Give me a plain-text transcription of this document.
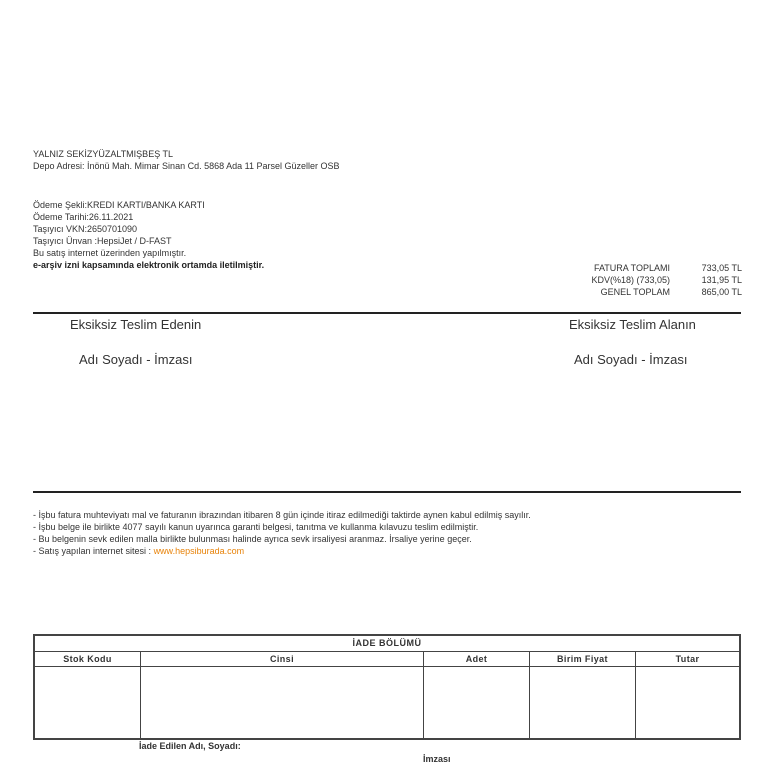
YALNIZ SEKİZYÜZALTMIŞBEŞ TL
Depo Adresi: İnönü Mah. Mimar Sinan Cd. 5868 Ada 11 Parsel Güzeller OSB
Ödeme Şekli:KREDI KARTI/BANKA KARTI
Ödeme Tarihi:26.11.2021
Taşıyıcı VKN:2650701090
Taşıyıcı Ünvan :HepsiJet / D-FAST
Bu satış internet üzerinden yapılmıştır.
e-arşiv izni kapsamında elektronik ortamda iletilmiştir.	FATURA TOPLAMI	733,05 TL
KDV(%18) (733,05)	131,95 TL
GENEL TOPLAM	865,00 TL
Eksiksiz Teslim Edenin
Adı Soyadı - İmzası
Eksiksiz Teslim Alanın
Adı Soyadı - İmzası
- İşbu fatura muhteviyatı mal ve faturanın ibrazından itibaren 8 gün içinde itiraz edilmediği taktirde aynen kabul edilmiş sayılır.
- İşbu belge ile birlikte 4077 sayılı kanun uyarınca garanti belgesi, tanıtma ve kullanma kılavuzu teslim edilmiştir.
- Bu belgenin sevk edilen malla birlikte bulunması halinde ayrıca sevk irsaliyesi aranmaz. İrsaliye yerine geçer.
- Satış yapılan internet sitesi : www.hepsiburada.com
İADE BÖLÜMÜ
Stok Kodu	Cinsi	Adet	Birim Fiyat	Tutar
İade Edilen Adı, Soyadı:
İmzası
